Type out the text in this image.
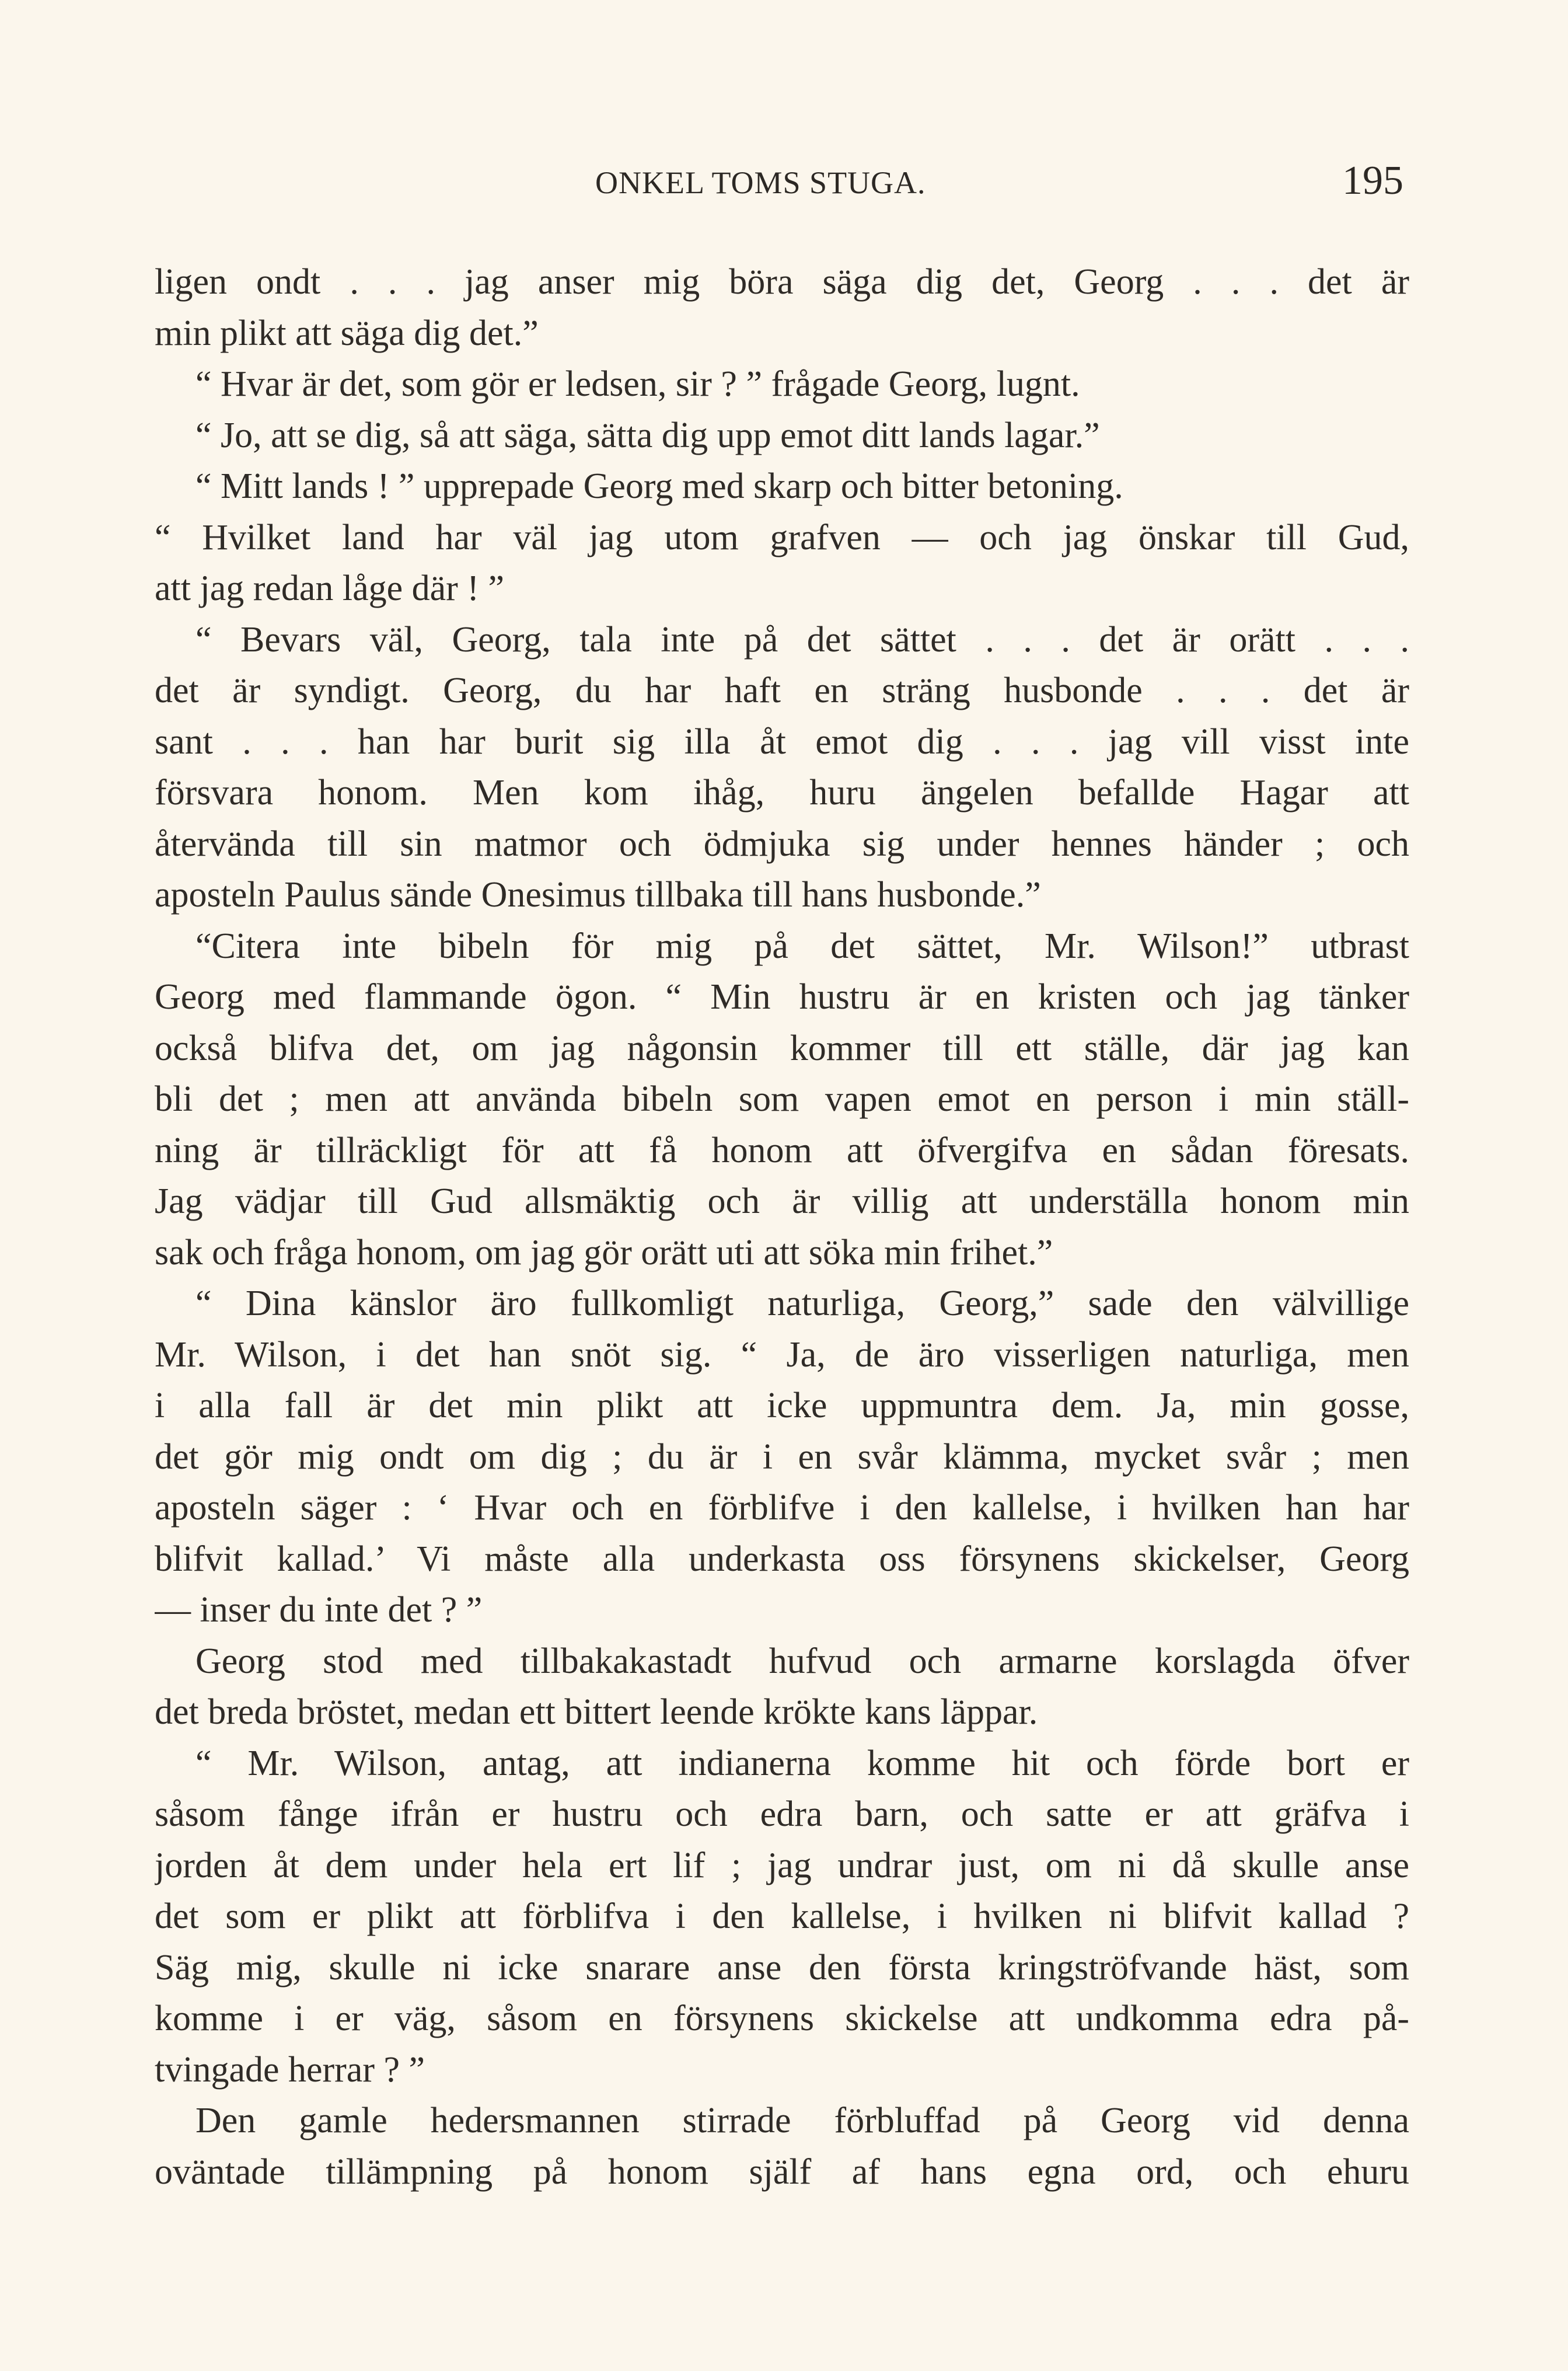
ONKEL TOMS STUGA.	195
ligen ondt . . . jag anser mig böra säga dig det, Georg . . . det är
min plikt att säga dig det.”
“ Hvar är det, som gör er ledsen, sir ? ” frågade Georg, lugnt.
“ Jo, att se dig, så att säga, sätta dig upp emot ditt lands lagar.”
“ Mitt lands ! ” upprepade Georg med skarp och bitter betoning.
“ Hvilket land har väl jag utom grafven — och jag önskar till Gud,
att jag redan låge där ! ”
“ Bevars väl, Georg, tala inte på det sättet . . . det är orätt . . .
det är syndigt. Georg, du har haft en sträng husbonde . . . det är
sant . . . han har burit sig illa åt emot dig . . . jag vill visst inte
försvara honom. Men kom ihåg, huru ängelen befallde Hagar att
återvända till sin matmor och ödmjuka sig under hennes händer ; och
aposteln Paulus sände Onesimus tillbaka till hans husbonde.”
“Citera inte bibeln för mig på det sättet, Mr. Wilson!” utbrast
Georg med flammande ögon. “ Min hustru är en kristen och jag tänker
också blifva det, om jag någonsin kommer till ett ställe, där jag kan
bli det ; men att använda bibeln som vapen emot en person i min ställ-
ning är tillräckligt för att få honom att öfvergifva en sådan föresats.
Jag vädjar till Gud allsmäktig och är villig att underställa honom min
sak och fråga honom, om jag gör orätt uti att söka min frihet.”
“ Dina känslor äro fullkomligt naturliga, Georg,” sade den välvillige
Mr. Wilson, i det han snöt sig. “ Ja, de äro visserligen naturliga, men
i alla fall är det min plikt att icke uppmuntra dem. Ja, min gosse,
det gör mig ondt om dig ; du är i en svår klämma, mycket svår ; men
aposteln säger : ‘ Hvar och en förblifve i den kallelse, i hvilken han har
blifvit kallad.’ Vi måste alla underkasta oss försynens skickelser, Georg
— inser du inte det ? ”
Georg stod med tillbakakastadt hufvud och armarne korslagda öfver
det breda bröstet, medan ett bittert leende krökte kans läppar.
“ Mr. Wilson, antag, att indianerna komme hit och förde bort er
såsom fånge ifrån er hustru och edra barn, och satte er att gräfva i
jorden åt dem under hela ert lif ; jag undrar just, om ni då skulle anse
det som er plikt att förblifva i den kallelse, i hvilken ni blifvit kallad ?
Säg mig, skulle ni icke snarare anse den första kringströfvande häst, som
komme i er väg, såsom en försynens skickelse att undkomma edra på-
tvingade herrar ? ”
Den gamle hedersmannen stirrade förbluffad på Georg vid denna
oväntade tillämpning på honom själf af hans egna ord, och ehuru
